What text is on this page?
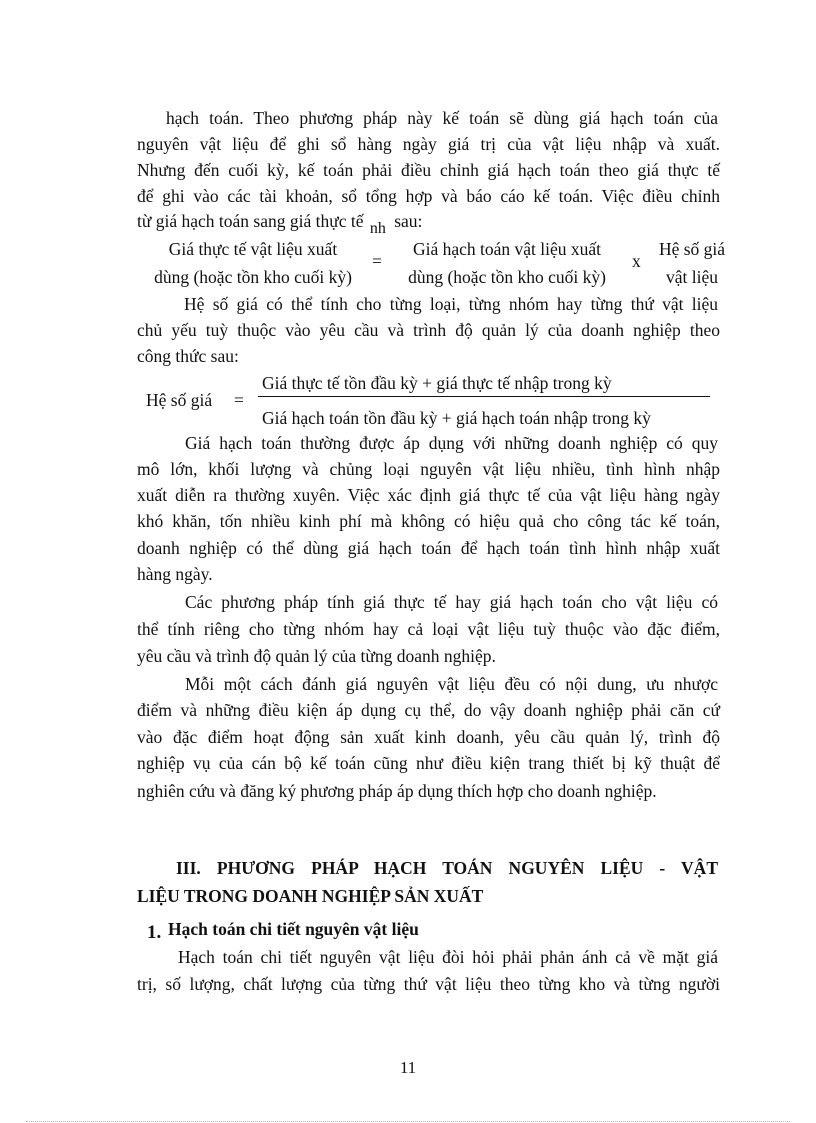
hạch toán. Theo phương pháp này kế toán sẽ dùng giá hạch toán của
nguyên vật liệu để ghi sổ hàng ngày giá trị của vật liệu nhập và xuất.
Nhưng đến cuối kỳ, kế toán phải điều chỉnh giá hạch toán theo giá thực tế
để ghi vào các tài khoản, sổ tổng hợp và báo cáo kế toán. Việc điều chỉnh
từ giá hạch toán sang giá thực tế nh sau:
Giá thực tế vật liệu xuất
dùng (hoặc tồn kho cuối kỳ)
=
Giá hạch toán vật liệu xuất
dùng (hoặc tồn kho cuối kỳ)
x
Hệ số giá
vật liệu
Hệ số giá có thể tính cho từng loại, từng nhóm hay từng thứ vật liệu
chủ yếu tuỳ thuộc vào yêu cầu và trình độ quản lý của doanh nghiệp theo
công thức sau:
Hệ số giá =
Giá thực tế tồn đầu kỳ + giá thực tế nhập trong kỳ
Giá hạch toán tồn đầu kỳ + giá hạch toán nhập trong kỳ
Giá hạch toán thường được áp dụng với những doanh nghiệp có quy
mô lớn, khối lượng và chủng loại nguyên vật liệu nhiều, tình hình nhập
xuất diễn ra thường xuyên. Việc xác định giá thực tế của vật liệu hàng ngày
khó khăn, tốn nhiều kinh phí mà không có hiệu quả cho công tác kế toán,
doanh nghiệp có thể dùng giá hạch toán để hạch toán tình hình nhập xuất
hàng ngày.
Các phương pháp tính giá thực tế hay giá hạch toán cho vật liệu có
thể tính riêng cho từng nhóm hay cả loại vật liệu tuỳ thuộc vào đặc điểm,
yêu cầu và trình độ quản lý của từng doanh nghiệp.
Mỗi một cách đánh giá nguyên vật liệu đều có nội dung, ưu nhược
điểm và những điều kiện áp dụng cụ thể, do vậy doanh nghiệp phải căn cứ
vào đặc điểm hoạt động sản xuất kinh doanh, yêu cầu quản lý, trình độ
nghiệp vụ của cán bộ kế toán cũng như điều kiện trang thiết bị kỹ thuật để
nghiên cứu và đăng ký phương pháp áp dụng thích hợp cho doanh nghiệp.
III. PHƯƠNG PHÁP HẠCH TOÁN NGUYÊN LIỆU - VẬT
LIỆU TRONG DOANH NGHIỆP SẢN XUẤT
1. Hạch toán chi tiết nguyên vật liệu
Hạch toán chi tiết nguyên vật liệu đòi hỏi phải phản ánh cả về mặt giá
trị, số lượng, chất lượng của từng thứ vật liệu theo từng kho và từng người
11
